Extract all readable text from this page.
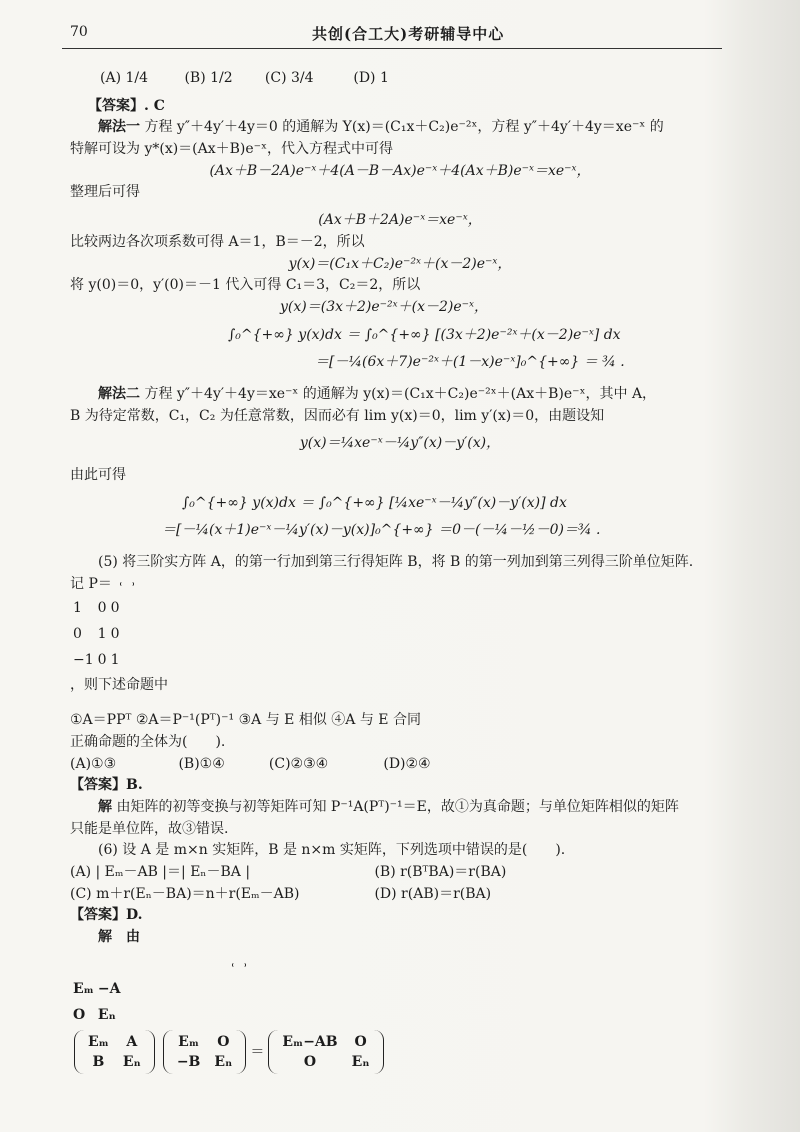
70	共创(合工大)考研辅导中心

(A) 1/4	(B) 1/2 (C) 3/4	(D) 1

【答案】. C

解法一 方程 y″＋4y′＋4y＝0 的通解为 Y(x)＝(C₁x＋C₂)e⁻²ˣ，方程 y″＋4y′＋4y＝xe⁻ˣ 的

特解可设为 y*(x)＝(Ax＋B)e⁻ˣ，代入方程式中可得

(Ax＋B－2A)e⁻ˣ＋4(A－B－Ax)e⁻ˣ＋4(Ax＋B)e⁻ˣ＝xe⁻ˣ，

整理后可得

(Ax＋B＋2A)e⁻ˣ＝xe⁻ˣ，

比较两边各次项系数可得 A＝1，B＝－2，所以

y(x)＝(C₁x＋C₂)e⁻²ˣ＋(x－2)e⁻ˣ，

将 y(0)＝0，y′(0)＝－1 代入可得 C₁＝3，C₂＝2，所以

y(x)＝(3x＋2)e⁻²ˣ＋(x－2)e⁻ˣ，

∫₀^{+∞} y(x)dx ＝ ∫₀^{+∞} [(3x＋2)e⁻²ˣ＋(x－2)e⁻ˣ] dx

＝[－¼(6x＋7)e⁻²ˣ＋(1－x)e⁻ˣ]₀^{+∞} ＝ ¾ .

解法二 方程 y″＋4y′＋4y＝xe⁻ˣ 的通解为 y(x)＝(C₁x＋C₂)e⁻²ˣ＋(Ax＋B)e⁻ˣ，其中 A，

B 为待定常数，C₁，C₂ 为任意常数，因而必有 lim y(x)＝0，lim y′(x)＝0，由题设知

y(x)＝¼xe⁻ˣ－¼y″(x)－y′(x)，

由此可得

∫₀^{+∞} y(x)dx ＝ ∫₀^{+∞} [¼xe⁻ˣ－¼y″(x)－y′(x)] dx

＝[－¼(x＋1)e⁻ˣ－¼y′(x)－y(x)]₀^{+∞} ＝0－(－¼－½－0)＝¾ .

(5) 将三阶实方阵 A，的第一行加到第三行得矩阵 B，将 B 的第一列加到第三列得三阶单位矩阵.

记 P＝

1	0	0
0	1	0
−1	0	1
，则下述命题中

①A＝PPᵀ ②A＝P⁻¹(Pᵀ)⁻¹ ③A 与 E 相似 ④A 与 E 合同

正确命题的全体为(　　).

(A)①③	(B)①④	(C)②③④	(D)②④

【答案】B.

解 由矩阵的初等变换与初等矩阵可知 P⁻¹A(Pᵀ)⁻¹＝E，故①为真命题；与单位矩阵相似的矩阵

只能是单位阵，故③错误.

(6) 设 A 是 m×n 实矩阵，B 是 n×m 实矩阵，下列选项中错误的是(　　).

(A) | Eₘ－AB |＝| Eₙ－BA |	(B) r(BᵀBA)＝r(BA)

(C) m＋r(Eₙ－BA)＝n＋r(Eₘ－AB)	(D) r(AB)＝r(BA)

【答案】D.

解　由

Eₘ	−A
O	Eₙ
Eₘ	A
B	Eₙ
Eₘ	O
−B	Eₙ
＝
Eₘ−AB	O
O	Eₙ
